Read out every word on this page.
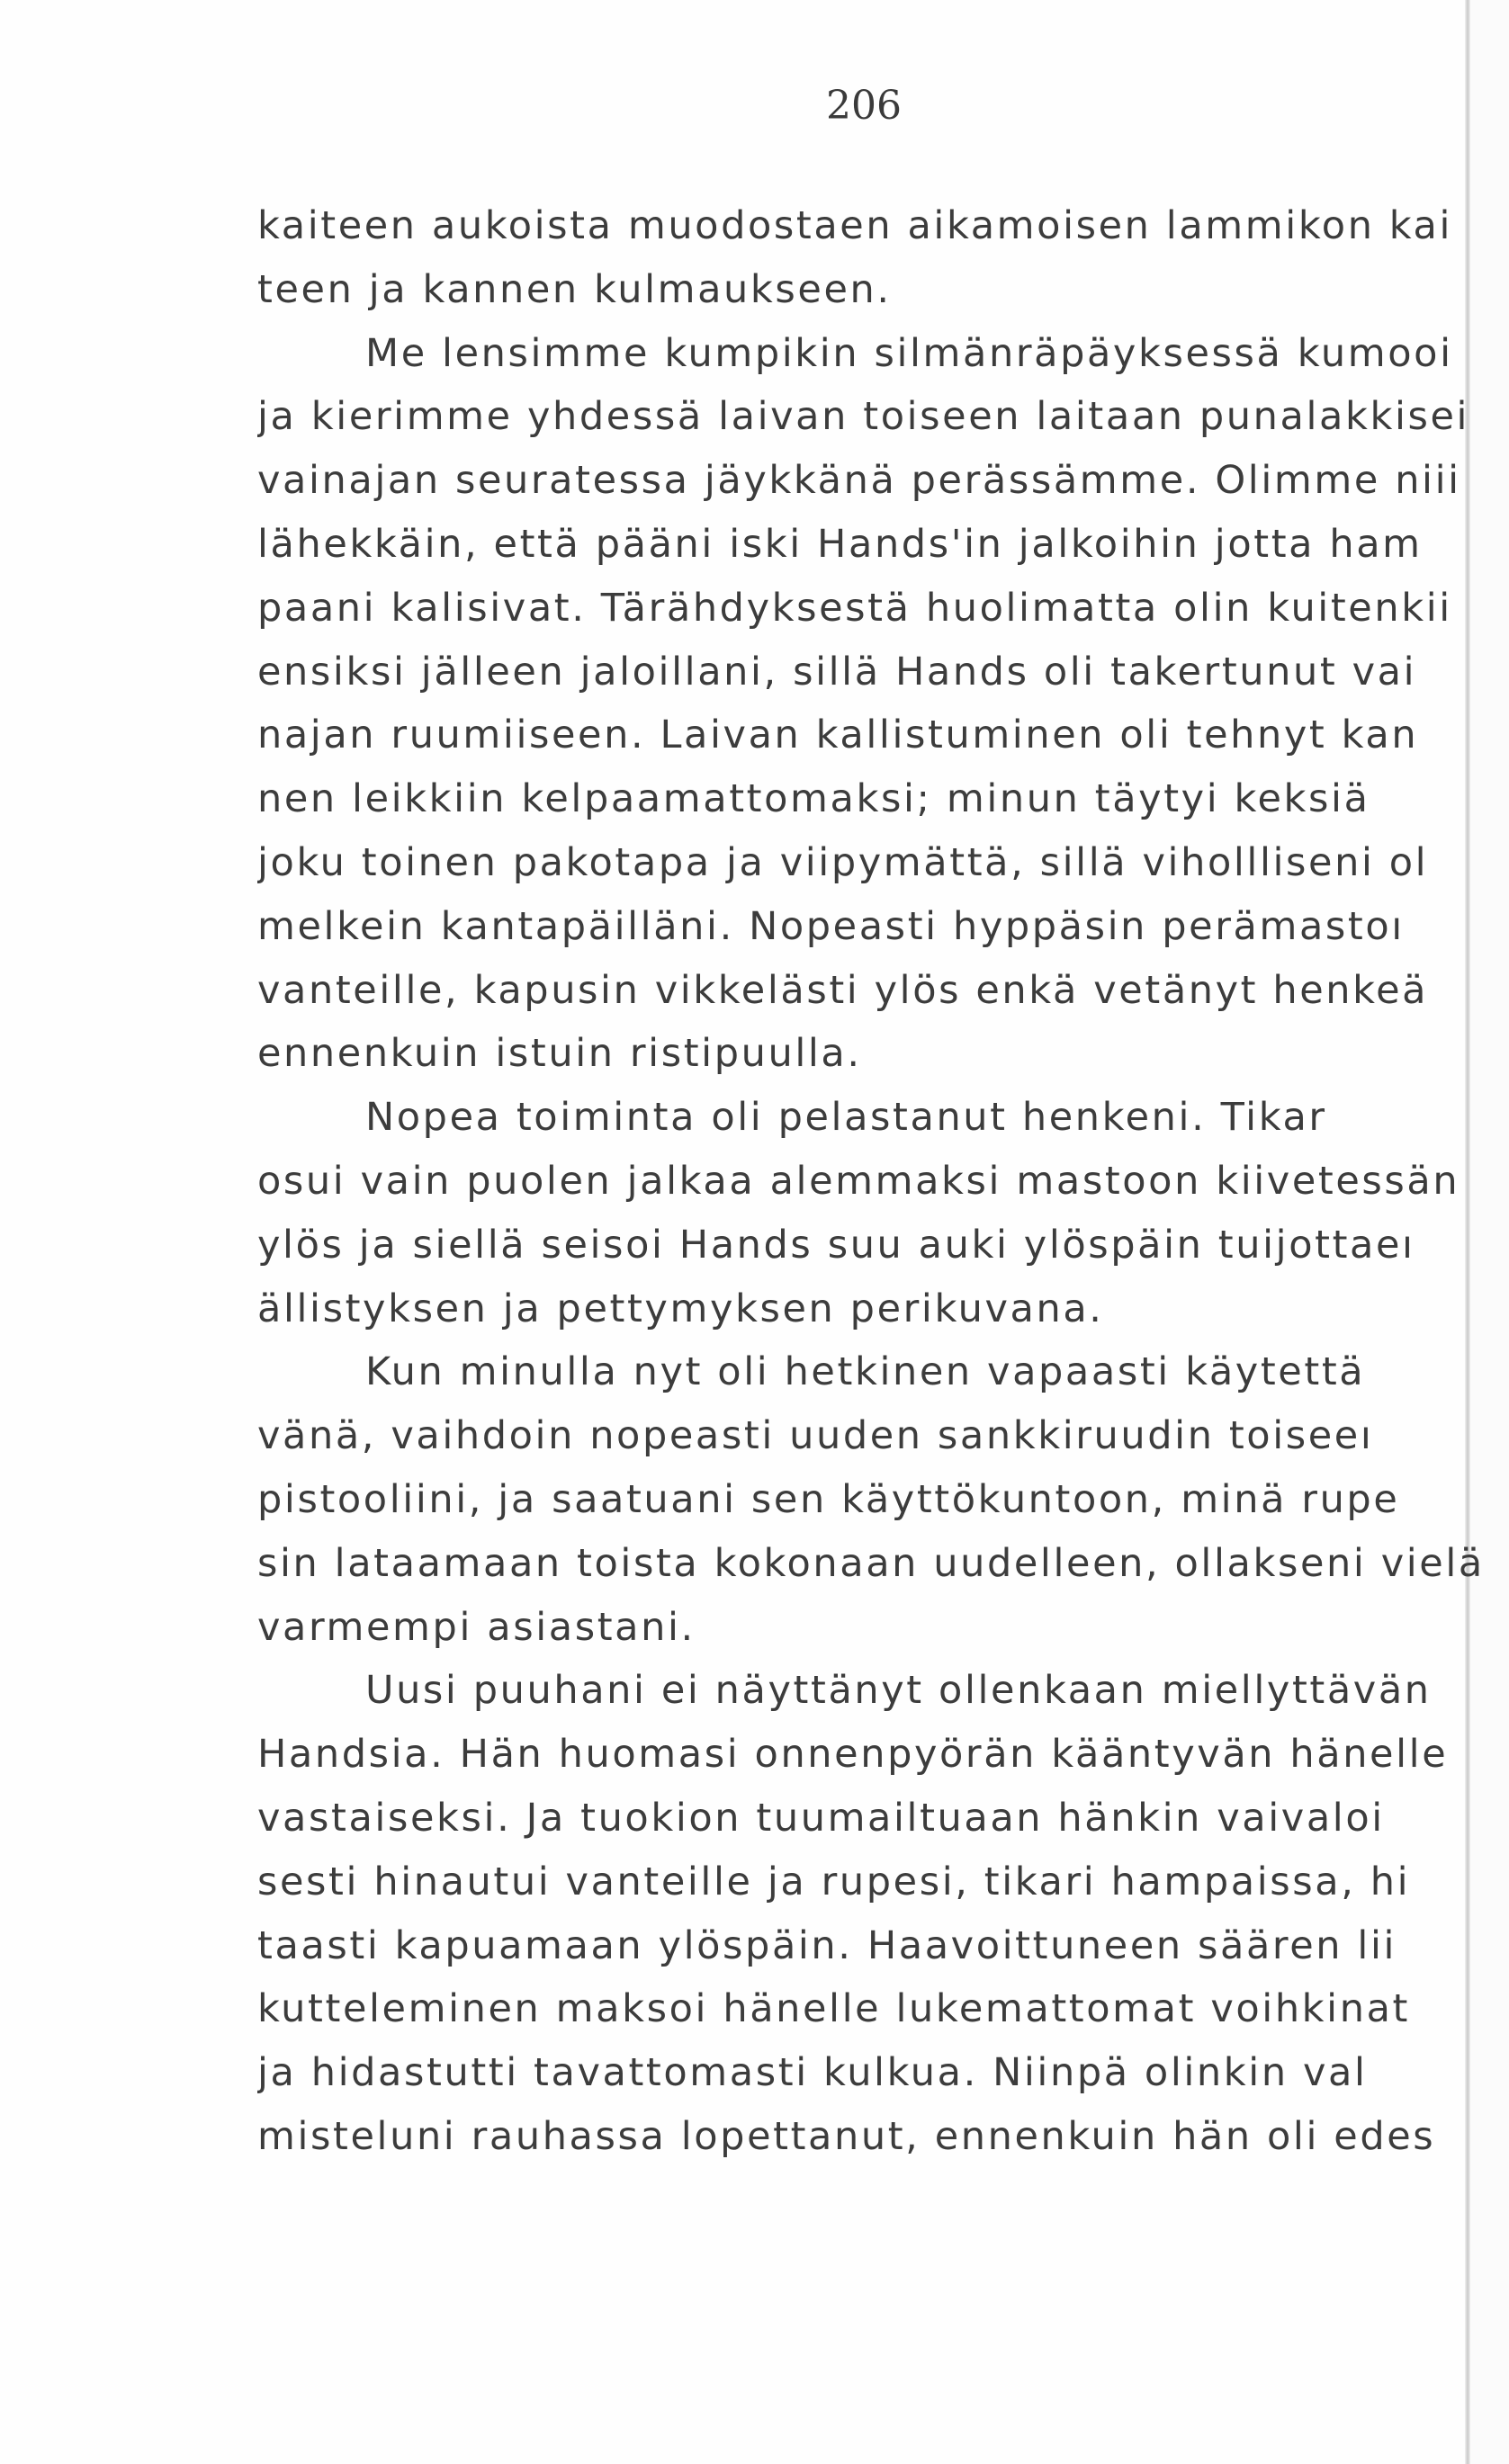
206
kaiteen aukoista muodostaen aikamoisen lammikon kai
teen ja kannen kulmaukseen.
Me lensimme kumpikin silmänräpäyksessä kumooi
ja kierimme yhdessä laivan toiseen laitaan punalakkisei
vainajan seuratessa jäykkänä perässämme. Olimme niii
lähekkäin, että pääni iski Hands'in jalkoihin jotta ham
paani kalisivat. Tärähdyksestä huolimatta olin kuitenkii
ensiksi jälleen jaloillani, sillä Hands oli takertunut vai
najan ruumiiseen. Laivan kallistuminen oli tehnyt kan
nen leikkiin kelpaamattomaksi; minun täytyi keksiä
joku toinen pakotapa ja viipymättä, sillä vihollliseni ol
melkein kantapäilläni. Nopeasti hyppäsin perämastoı
vanteille, kapusin vikkelästi ylös enkä vetänyt henkeä
ennenkuin istuin ristipuulla.
Nopea toiminta oli pelastanut henkeni. Tikar
osui vain puolen jalkaa alemmaksi mastoon kiivetessän
ylös ja siellä seisoi Hands suu auki ylöspäin tuijottaeı
ällistyksen ja pettymyksen perikuvana.
Kun minulla nyt oli hetkinen vapaasti käytettä
vänä, vaihdoin nopeasti uuden sankkiruudin toiseeı
pistooliini, ja saatuani sen käyttökuntoon, minä rupe
sin lataamaan toista kokonaan uudelleen, ollakseni vielä
varmempi asiastani.
Uusi puuhani ei näyttänyt ollenkaan miellyttävän
Handsia. Hän huomasi onnenpyörän kääntyvän hänelle
vastaiseksi. Ja tuokion tuumailtuaan hänkin vaivaloi
sesti hinautui vanteille ja rupesi, tikari hampaissa, hi
taasti kapuamaan ylöspäin. Haavoittuneen säären lii
kutteleminen maksoi hänelle lukemattomat voihkinat
ja hidastutti tavattomasti kulkua. Niinpä olinkin val
misteluni rauhassa lopettanut, ennenkuin hän oli edes
